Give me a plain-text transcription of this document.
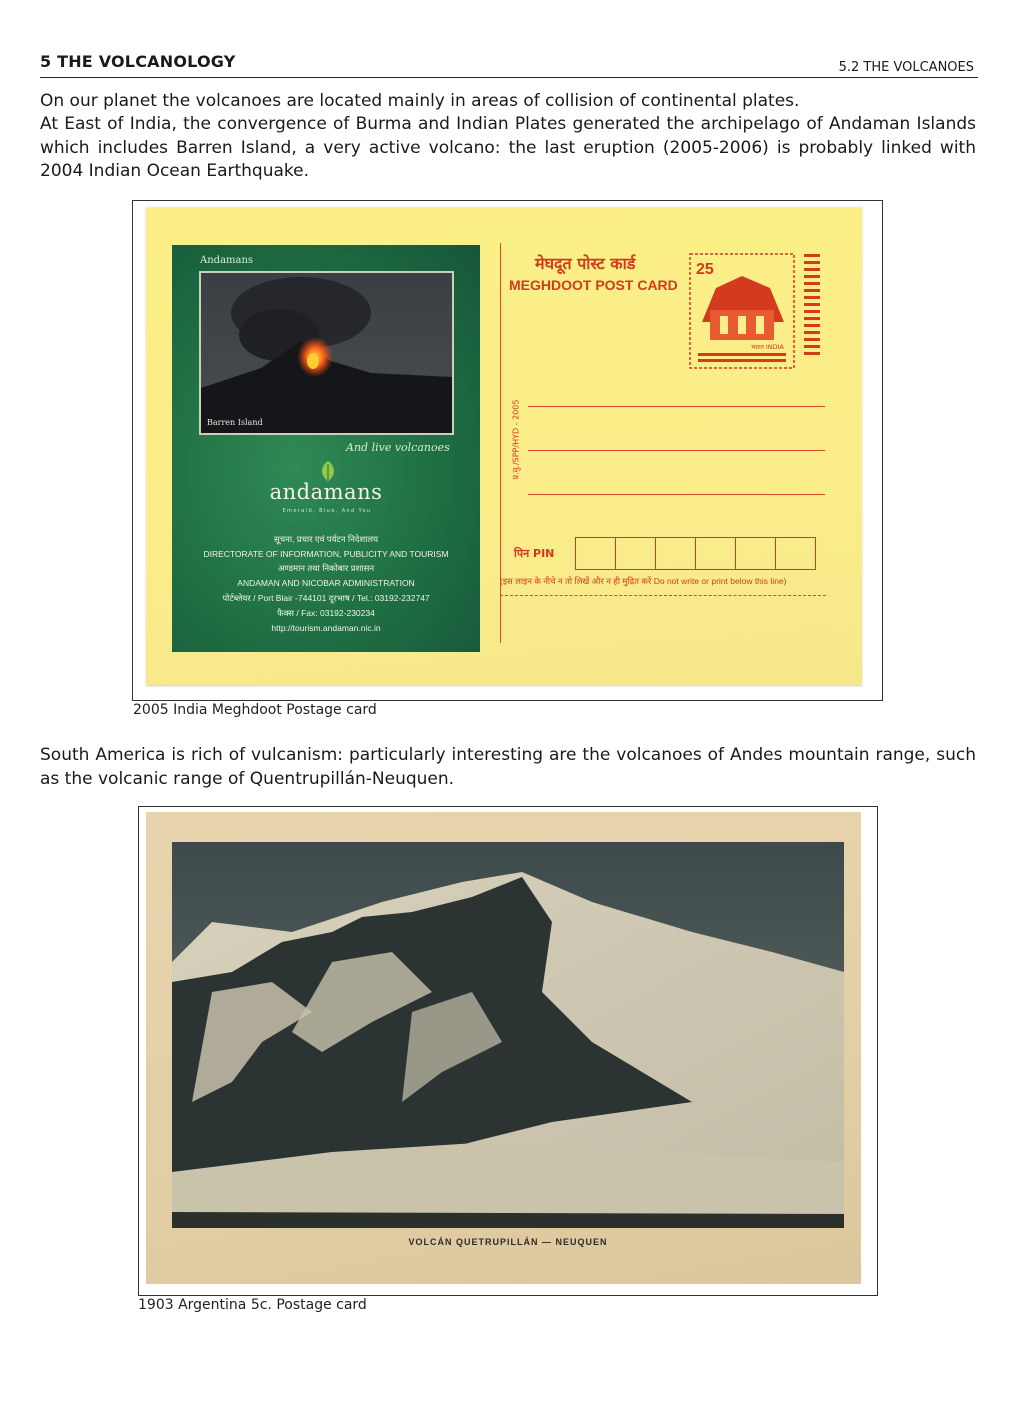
5 THE VOLCANOLOGY	5.2 THE VOLCANOES

On our planet the volcanoes are located mainly in areas of collision of continental plates.

At East of India, the convergence of Burma and Indian Plates generated the archipelago of Andaman Islands which includes Barren Island, a very active volcano: the last eruption (2005-2006) is probably linked with 2004 Indian Ocean Earthquake.

Andamans
Barren Island
And live volcanoes
andamans
Emerald, Blue, And You
सूचना, प्रचार एवं पर्यटन निदेशालय
DIRECTORATE OF INFORMATION, PUBLICITY AND TOURISM
अण्डमान तथा निकोबार प्रशासन
ANDAMAN AND NICOBAR ADMINISTRATION
पोर्टब्लेयर / Port Blair -744101 दूरभाष / Tel.: 03192-232747
फैक्स / Fax: 03192-230234
http://tourism.andaman.nic.in
मेघदूत पोस्ट कार्ड
MEGHDOOT POST CARD
25
भारत INDIA
प्र.मु./SPP/HYD - 2005
पिन PIN
(इस लाइन के नीचे न तो लिखें और न ही मुद्रित करें Do not write or print below this line)
2005 India Meghdoot Postage card

South America is rich of vulcanism: particularly interesting are the volcanoes of Andes mountain range, such as the volcanic range of Quentrupillán-Neuquen.

VOLCÁN QUETRUPILLÁN — NEUQUEN
1903 Argentina 5c. Postage card
